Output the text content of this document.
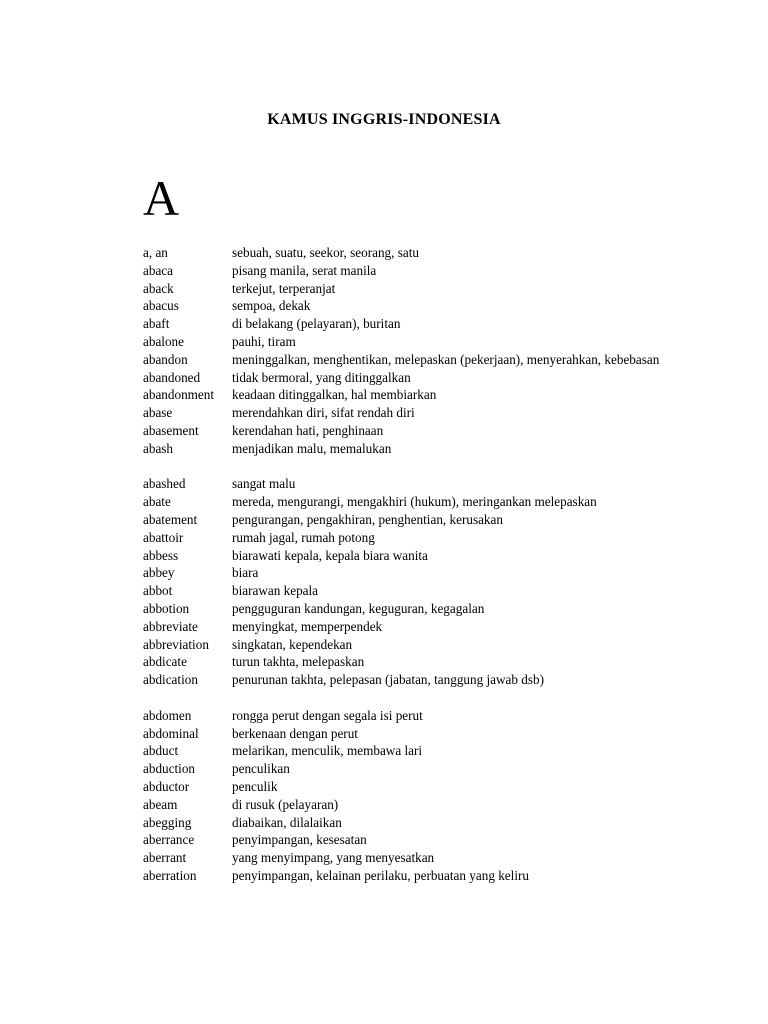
KAMUS INGGRIS-INDONESIA
A
a, an	sebuah, suatu, seekor, seorang, satu
abaca	pisang manila, serat manila
aback	terkejut, terperanjat
abacus	sempoa, dekak
abaft	di belakang (pelayaran), buritan
abalone	pauhi, tiram
abandon	meninggalkan, menghentikan, melepaskan (pekerjaan), menyerahkan, kebebasan
abandoned	tidak bermoral, yang ditinggalkan
abandonment	keadaan ditinggalkan, hal membiarkan
abase	merendahkan diri, sifat rendah diri
abasement	kerendahan hati, penghinaan
abash	menjadikan malu, memalukan
abashed	sangat malu
abate	mereda, mengurangi, mengakhiri (hukum), meringankan melepaskan
abatement	pengurangan, pengakhiran, penghentian, kerusakan
abattoir	rumah jagal, rumah potong
abbess	biarawati kepala, kepala biara wanita
abbey	biara
abbot	biarawan kepala
abbotion	pengguguran kandungan, keguguran, kegagalan
abbreviate	menyingkat, memperpendek
abbreviation	singkatan, kependekan
abdicate	turun takhta, melepaskan
abdication	penurunan takhta, pelepasan (jabatan, tanggung jawab dsb)
abdomen	rongga perut dengan segala isi perut
abdominal	berkenaan dengan perut
abduct	melarikan, menculik, membawa lari
abduction	penculikan
abductor	penculik
abeam	di rusuk (pelayaran)
abegging	diabaikan, dilalaikan
aberrance	penyimpangan, kesesatan
aberrant	yang menyimpang, yang menyesatkan
aberration	penyimpangan, kelainan perilaku, perbuatan yang keliru
